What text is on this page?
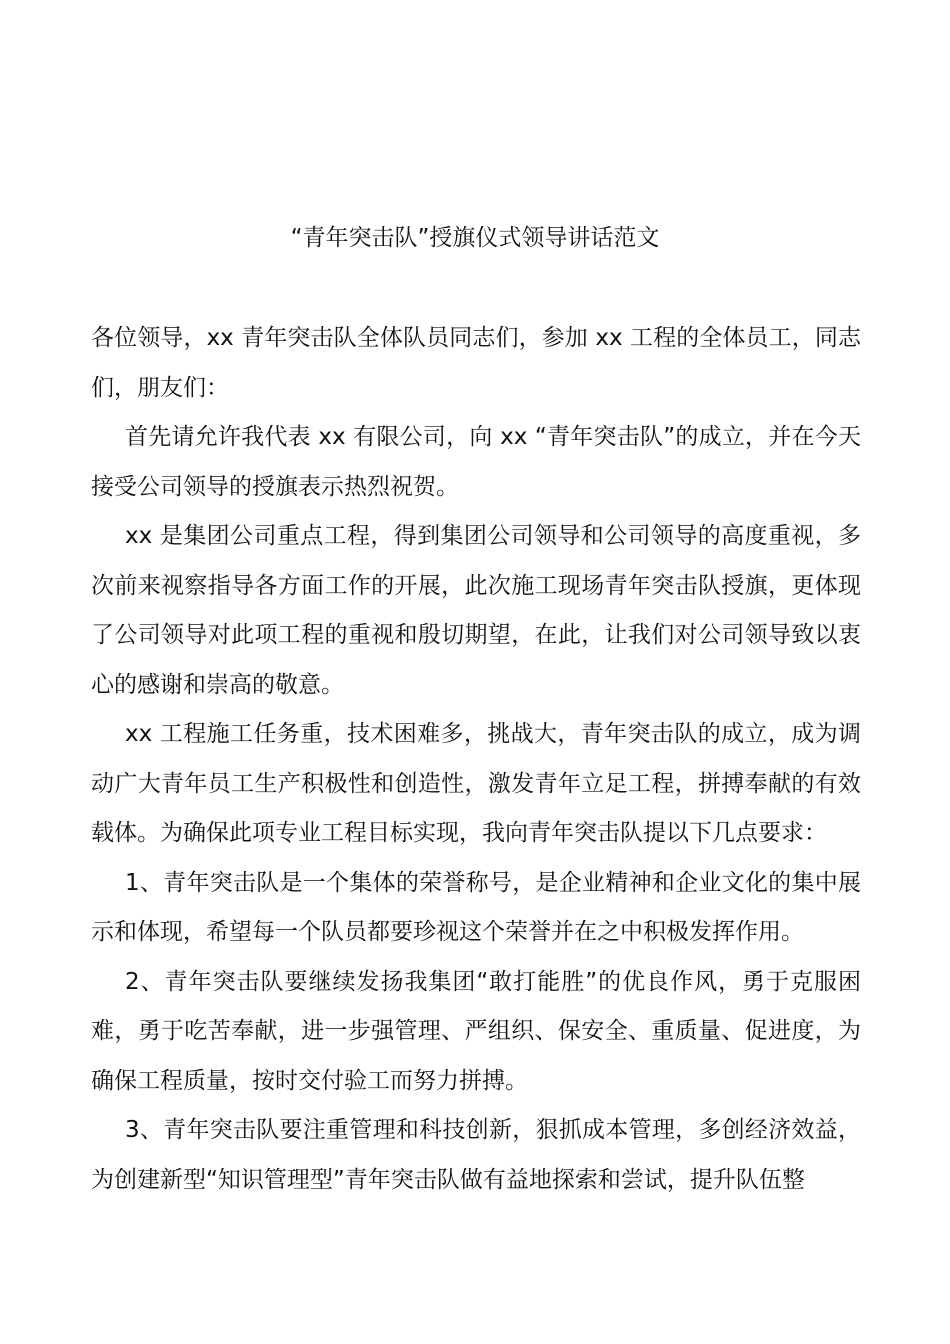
“青年突击队”授旗仪式领导讲话范文

各位领导，xx 青年突击队全体队员同志们，参加 xx 工程的全体员工，同志们，朋友们：

首先请允许我代表 xx 有限公司，向 xx “青年突击队”的成立，并在今天接受公司领导的授旗表示热烈祝贺。

xx 是集团公司重点工程，得到集团公司领导和公司领导的高度重视，多次前来视察指导各方面工作的开展，此次施工现场青年突击队授旗，更体现了公司领导对此项工程的重视和殷切期望，在此，让我们对公司领导致以衷心的感谢和崇高的敬意。

xx 工程施工任务重，技术困难多，挑战大，青年突击队的成立，成为调动广大青年员工生产积极性和创造性，激发青年立足工程，拼搏奉献的有效载体。为确保此项专业工程目标实现，我向青年突击队提以下几点要求：

1、青年突击队是一个集体的荣誉称号，是企业精神和企业文化的集中展示和体现，希望每一个队员都要珍视这个荣誉并在之中积极发挥作用。

2、青年突击队要继续发扬我集团“敢打能胜”的优良作风，勇于克服困难，勇于吃苦奉献，进一步强管理、严组织、保安全、重质量、促进度，为确保工程质量，按时交付验工而努力拼搏。

3、青年突击队要注重管理和科技创新，狠抓成本管理，多创经济效益，为创建新型“知识管理型”青年突击队做有益地探索和尝试，提升队伍整
